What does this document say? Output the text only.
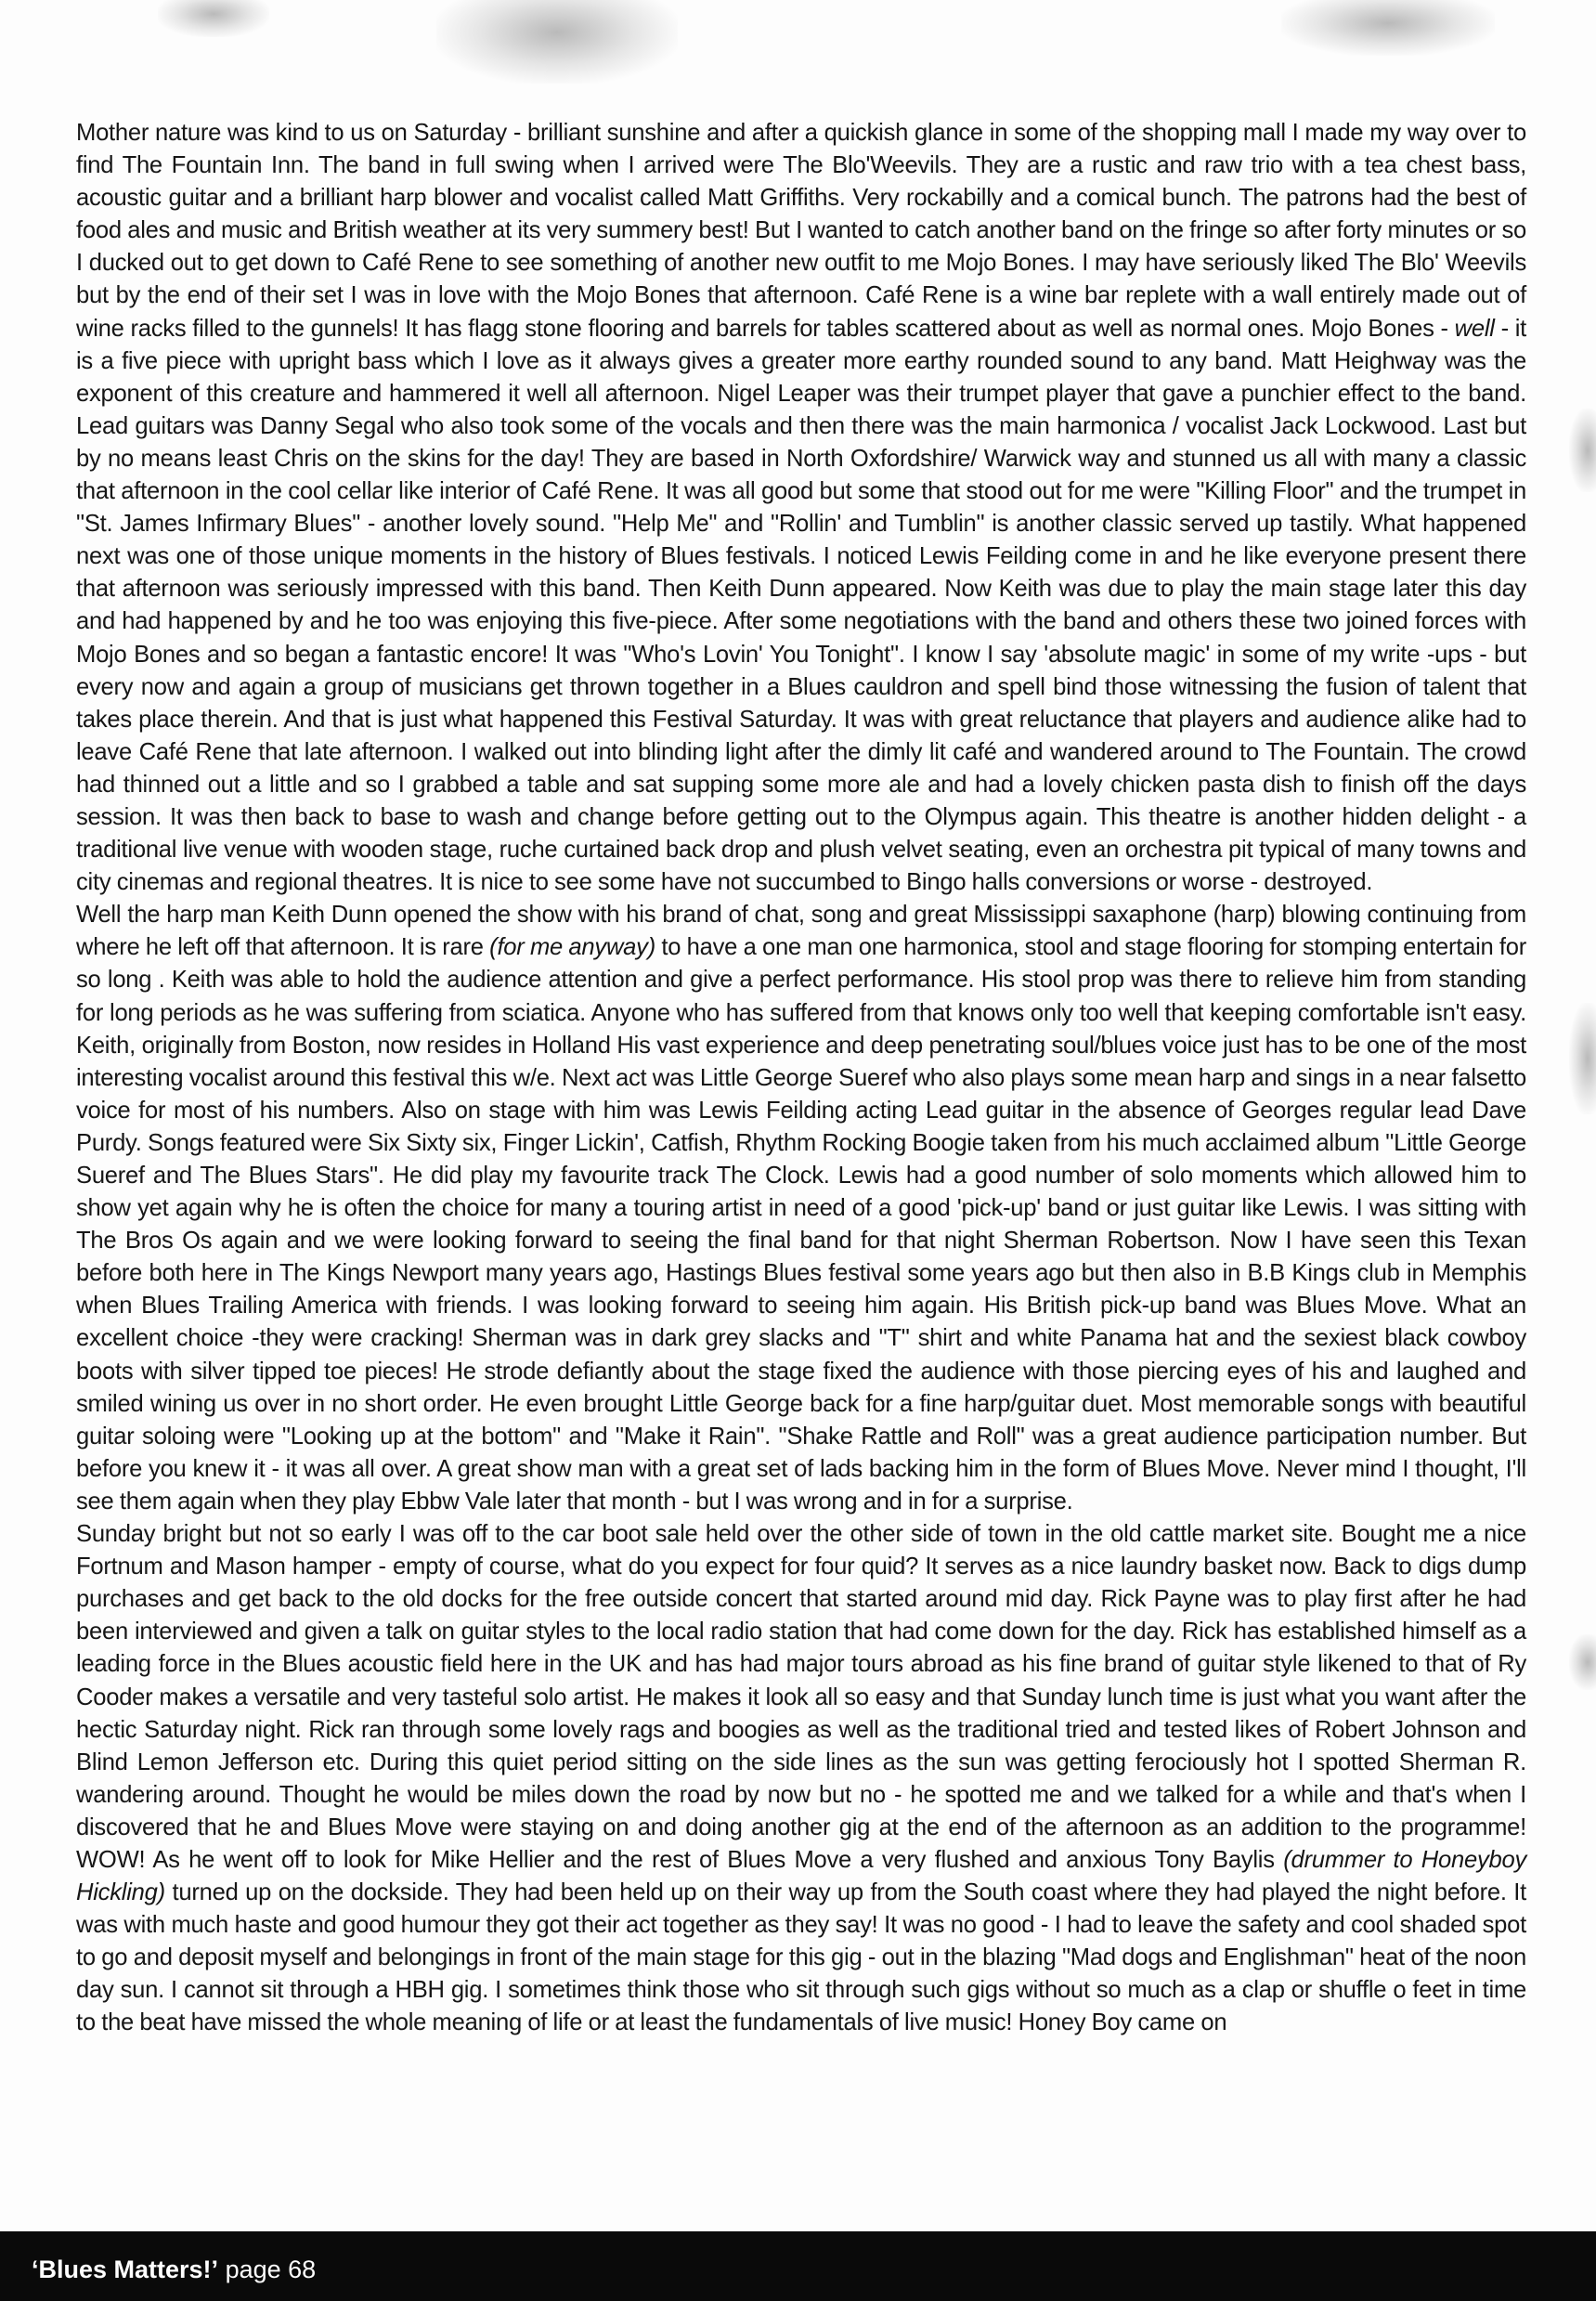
Mother nature was kind to us on Saturday - brilliant sunshine and after a quickish glance in some of the shopping mall I made my way over to find The Fountain Inn. The band in full swing when I arrived were The Blo'Weevils. They are a rustic and raw trio with a tea chest bass, acoustic guitar and a brilliant harp blower and vocalist called Matt Griffiths. Very rockabilly and a comical bunch. The patrons had the best of food ales and music and British weather at its very summery best! But I wanted to catch another band on the fringe so after forty minutes or so I ducked out to get down to Café Rene to see something of another new outfit to me Mojo Bones. I may have seriously liked The Blo' Weevils but by the end of their set I was in love with the Mojo Bones that afternoon. Café Rene is a wine bar replete with a wall entirely made out of wine racks filled to the gunnels! It has flagg stone flooring and barrels for tables scattered about as well as normal ones. Mojo Bones - well - it is a five piece with upright bass which I love as it always gives a greater more earthy rounded sound to any band. Matt Heighway was the exponent of this creature and hammered it well all afternoon. Nigel Leaper was their trumpet player that gave a punchier effect to the band. Lead guitars was Danny Segal who also took some of the vocals and then there was the main harmonica / vocalist Jack Lockwood. Last but by no means least Chris on the skins for the day! They are based in North Oxfordshire/ Warwick way and stunned us all with many a classic that afternoon in the cool cellar like interior of Café Rene. It was all good but some that stood out for me were "Killing Floor" and the trumpet in "St. James Infirmary Blues" - another lovely sound. "Help Me" and "Rollin' and Tumblin" is another classic served up tastily. What happened next was one of those unique moments in the history of Blues festivals. I noticed Lewis Feilding come in and he like everyone present there that afternoon was seriously impressed with this band. Then Keith Dunn appeared. Now Keith was due to play the main stage later this day and had happened by and he too was enjoying this five-piece. After some negotiations with the band and others these two joined forces with Mojo Bones and so began a fantastic encore! It was "Who's Lovin' You Tonight". I know I say 'absolute magic' in some of my write -ups - but every now and again a group of musicians get thrown together in a Blues cauldron and spell bind those witnessing the fusion of talent that takes place therein. And that is just what happened this Festival Saturday. It was with great reluctance that players and audience alike had to leave Café Rene that late afternoon. I walked out into blinding light after the dimly lit café and wandered around to The Fountain. The crowd had thinned out a little and so I grabbed a table and sat supping some more ale and had a lovely chicken pasta dish to finish off the days session. It was then back to base to wash and change before getting out to the Olympus again. This theatre is another hidden delight - a traditional live venue with wooden stage, ruche curtained back drop and plush velvet seating, even an orchestra pit typical of many towns and city cinemas and regional theatres. It is nice to see some have not succumbed to Bingo halls conversions or worse - destroyed.

Well the harp man Keith Dunn opened the show with his brand of chat, song and great Mississippi saxaphone (harp) blowing continuing from where he left off that afternoon. It is rare (for me anyway) to have a one man one harmonica, stool and stage flooring for stomping entertain for so long . Keith was able to hold the audience attention and give a perfect performance. His stool prop was there to relieve him from standing for long periods as he was suffering from sciatica. Anyone who has suffered from that knows only too well that keeping comfortable isn't easy. Keith, originally from Boston, now resides in Holland His vast experience and deep penetrating soul/blues voice just has to be one of the most interesting vocalist around this festival this w/e. Next act was Little George Sueref who also plays some mean harp and sings in a near falsetto voice for most of his numbers. Also on stage with him was Lewis Feilding acting Lead guitar in the absence of Georges regular lead Dave Purdy. Songs featured were Six Sixty six, Finger Lickin', Catfish, Rhythm Rocking Boogie taken from his much acclaimed album "Little George Sueref and The Blues Stars". He did play my favourite track The Clock. Lewis had a good number of solo moments which allowed him to show yet again why he is often the choice for many a touring artist in need of a good 'pick-up' band or just guitar like Lewis. I was sitting with The Bros Os again and we were looking forward to seeing the final band for that night Sherman Robertson. Now I have seen this Texan before both here in The Kings Newport many years ago, Hastings Blues festival some years ago but then also in B.B Kings club in Memphis when Blues Trailing America with friends. I was looking forward to seeing him again. His British pick-up band was Blues Move. What an excellent choice -they were cracking! Sherman was in dark grey slacks and "T" shirt and white Panama hat and the sexiest black cowboy boots with silver tipped toe pieces! He strode defiantly about the stage fixed the audience with those piercing eyes of his and laughed and smiled wining us over in no short order. He even brought Little George back for a fine harp/guitar duet. Most memorable songs with beautiful guitar soloing were "Looking up at the bottom" and "Make it Rain". "Shake Rattle and Roll" was a great audience participation number. But before you knew it - it was all over. A great show man with a great set of lads backing him in the form of Blues Move. Never mind I thought, I'll see them again when they play Ebbw Vale later that month - but I was wrong and in for a surprise.

Sunday bright but not so early I was off to the car boot sale held over the other side of town in the old cattle market site. Bought me a nice Fortnum and Mason hamper - empty of course, what do you expect for four quid? It serves as a nice laundry basket now. Back to digs dump purchases and get back to the old docks for the free outside concert that started around mid day. Rick Payne was to play first after he had been interviewed and given a talk on guitar styles to the local radio station that had come down for the day. Rick has established himself as a leading force in the Blues acoustic field here in the UK and has had major tours abroad as his fine brand of guitar style likened to that of Ry Cooder makes a versatile and very tasteful solo artist. He makes it look all so easy and that Sunday lunch time is just what you want after the hectic Saturday night. Rick ran through some lovely rags and boogies as well as the traditional tried and tested likes of Robert Johnson and Blind Lemon Jefferson etc. During this quiet period sitting on the side lines as the sun was getting ferociously hot I spotted Sherman R. wandering around. Thought he would be miles down the road by now but no - he spotted me and we talked for a while and that's when I discovered that he and Blues Move were staying on and doing another gig at the end of the afternoon as an addition to the programme! WOW! As he went off to look for Mike Hellier and the rest of Blues Move a very flushed and anxious Tony Baylis (drummer to Honeyboy Hickling) turned up on the dockside. They had been held up on their way up from the South coast where they had played the night before. It was with much haste and good humour they got their act together as they say! It was no good - I had to leave the safety and cool shaded spot to go and deposit myself and belongings in front of the main stage for this gig - out in the blazing "Mad dogs and Englishman" heat of the noon day sun. I cannot sit through a HBH gig. I sometimes think those who sit through such gigs without so much as a clap or shuffle o feet in time to the beat have missed the whole meaning of life or at least the fundamentals of live music! Honey Boy came on

‘Blues Matters!’ page 68
